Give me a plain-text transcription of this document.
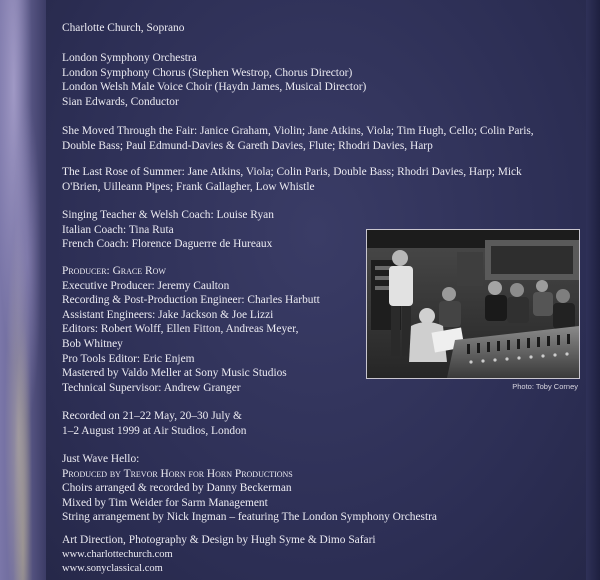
Charlotte Church, Soprano
London Symphony Orchestra
London Symphony Chorus (Stephen Westrop, Chorus Director)
London Welsh Male Voice Choir (Haydn James, Musical Director)
Sian Edwards, Conductor
She Moved Through the Fair: Janice Graham, Violin; Jane Atkins, Viola; Tim Hugh, Cello; Colin Paris,
Double Bass; Paul Edmund-Davies & Gareth Davies, Flute; Rhodri Davies, Harp
The Last Rose of Summer: Jane Atkins, Viola; Colin Paris, Double Bass; Rhodri Davies, Harp; Mick
O'Brien, Uilleann Pipes; Frank Gallagher, Low Whistle
Singing Teacher & Welsh Coach: Louise Ryan
Italian Coach: Tina Ruta
French Coach: Florence Daguerre de Hureaux
Producer: Grace Row
Executive Producer: Jeremy Caulton
Recording & Post-Production Engineer: Charles Harbutt
Assistant Engineers: Jake Jackson & Joe Lizzi
Editors: Robert Wolff, Ellen Fitton, Andreas Meyer,
Bob Whitney
Pro Tools Editor: Eric Enjem
Mastered by Valdo Meller at Sony Music Studios
Technical Supervisor: Andrew Granger
Recorded on 21–22 May, 20–30 July &
1–2 August 1999 at Air Studios, London
Just Wave Hello:
Produced by Trevor Horn for Horn Productions
Choirs arranged & recorded by Danny Beckerman
Mixed by Tim Weider for Sarm Management
String arrangement by Nick Ingman – featuring The London Symphony Orchestra
Art Direction, Photography & Design by Hugh Syme & Dimo Safari
www.charlottechurch.com
www.sonyclassical.com
Photo: Toby Corney
